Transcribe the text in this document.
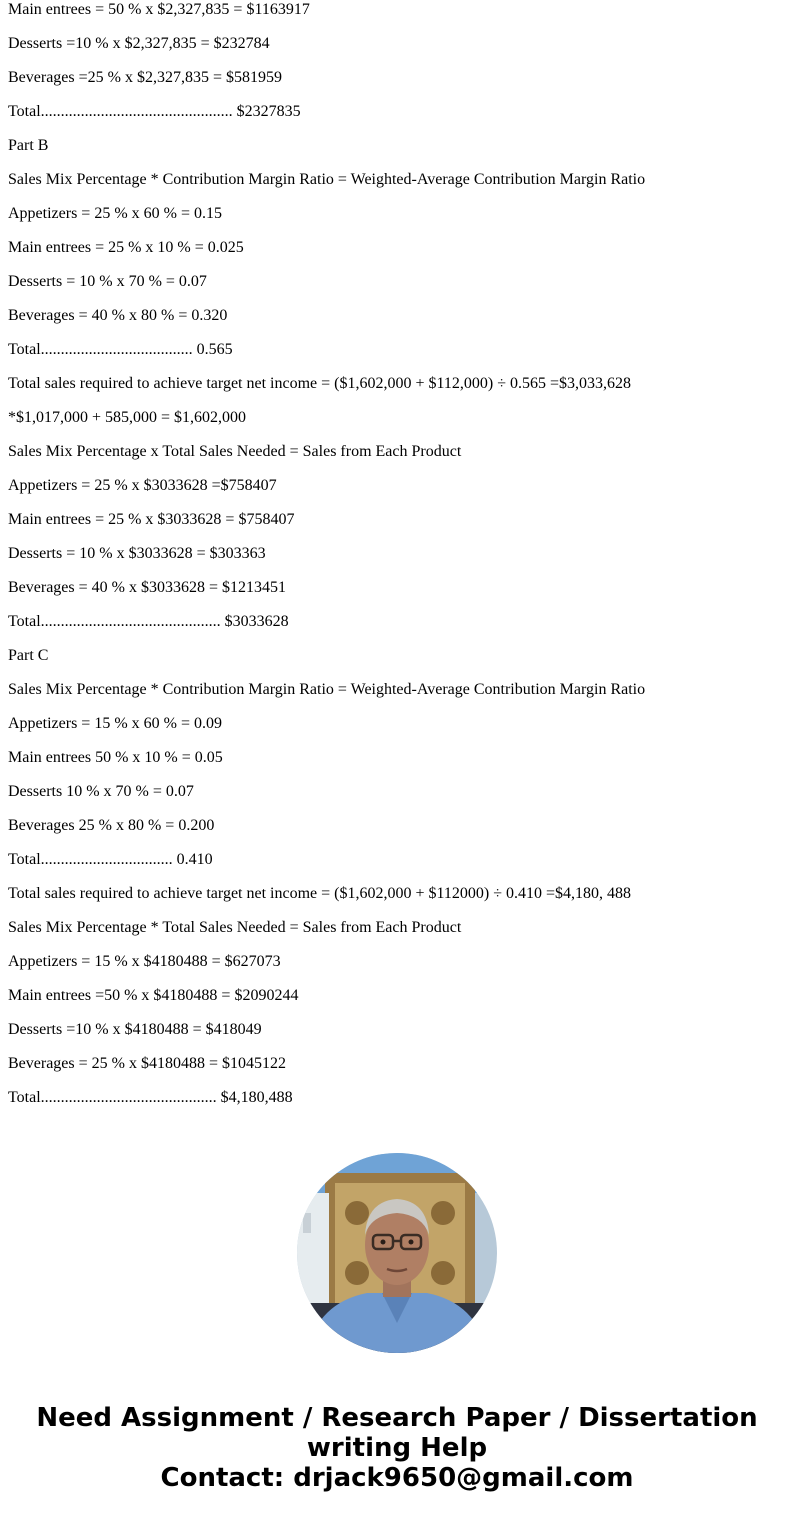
Main entrees = 50 % x $2,327,835 = $1163917

Desserts =10 % x $2,327,835 = $232784

Beverages =25 % x $2,327,835 = $581959

Total................................................ $2327835

Part B

Sales Mix Percentage * Contribution Margin Ratio = Weighted-Average Contribution Margin Ratio

Appetizers = 25 % x 60 % = 0.15

Main entrees = 25 % x 10 % = 0.025

Desserts = 10 % x 70 % = 0.07

Beverages = 40 % x 80 % = 0.320

Total...................................... 0.565

Total sales required to achieve target net income = ($1,602,000 + $112,000) ÷ 0.565 =$3,033,628

*$1,017,000 + 585,000 = $1,602,000

Sales Mix Percentage x Total Sales Needed = Sales from Each Product

Appetizers = 25 % x $3033628 =$758407

Main entrees = 25 % x $3033628 = $758407

Desserts = 10 % x $3033628 = $303363

Beverages = 40 % x $3033628 = $1213451

Total............................................. $3033628

Part C

Sales Mix Percentage * Contribution Margin Ratio = Weighted-Average Contribution Margin Ratio

Appetizers = 15 % x 60 % = 0.09

Main entrees 50 % x 10 % = 0.05

Desserts 10 % x 70 % = 0.07

Beverages 25 % x 80 % = 0.200

Total................................. 0.410

Total sales required to achieve target net income = ($1,602,000 + $112000) ÷ 0.410 =$4,180, 488

Sales Mix Percentage * Total Sales Needed = Sales from Each Product

Appetizers = 15 % x $4180488 = $627073

Main entrees =50 % x $4180488 = $2090244

Desserts =10 % x $4180488 = $418049

Beverages = 25 % x $4180488 = $1045122

Total............................................ $4,180,488

Need Assignment / Research Paper / Dissertation
writing Help
Contact: drjack9650@gmail.com
